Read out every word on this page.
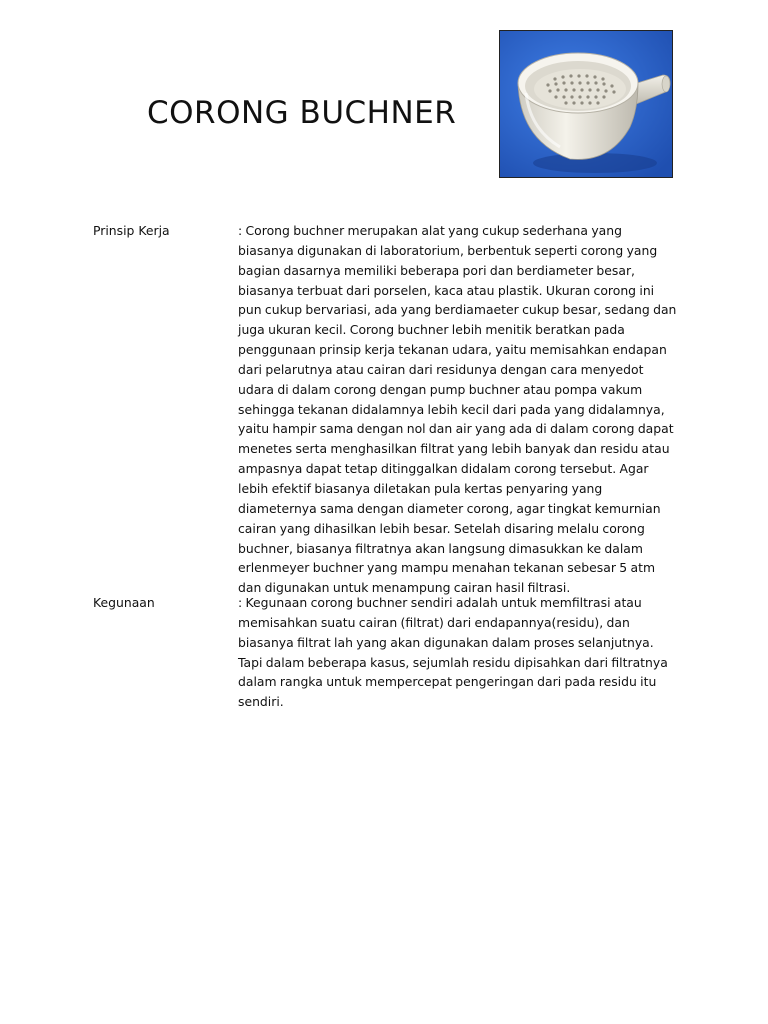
CORONG BUCHNER
Prinsip Kerja	: Corong buchner merupakan alat yang cukup sederhana yang biasanya digunakan di laboratorium, berbentuk seperti corong yang bagian dasarnya memiliki beberapa pori dan berdiameter besar, biasanya terbuat dari porselen, kaca atau plastik. Ukuran corong ini pun cukup bervariasi, ada yang berdiamaeter cukup besar, sedang dan juga ukuran kecil. Corong buchner lebih menitik beratkan pada penggunaan prinsip kerja tekanan udara, yaitu memisahkan endapan dari pelarutnya atau cairan dari residunya dengan cara menyedot udara di dalam corong dengan pump buchner atau pompa vakum sehingga tekanan didalamnya lebih kecil dari pada yang didalamnya, yaitu hampir sama dengan nol dan air yang ada di dalam corong dapat menetes serta menghasilkan filtrat yang lebih banyak dan residu atau ampasnya dapat tetap ditinggalkan didalam corong tersebut. Agar lebih efektif biasanya diletakan pula kertas penyaring yang diameternya sama dengan diameter corong, agar tingkat kemurnian cairan yang dihasilkan lebih besar. Setelah disaring melalu corong buchner, biasanya filtratnya akan langsung dimasukkan ke dalam erlenmeyer buchner yang mampu menahan tekanan sebesar 5 atm dan digunakan untuk menampung cairan hasil filtrasi.
Kegunaan	: Kegunaan corong buchner sendiri adalah untuk memfiltrasi atau memisahkan suatu cairan (filtrat) dari endapannya(residu), dan biasanya filtrat lah yang akan digunakan dalam proses selanjutnya. Tapi dalam beberapa kasus, sejumlah residu dipisahkan dari filtratnya dalam rangka untuk mempercepat pengeringan dari pada residu itu sendiri.
